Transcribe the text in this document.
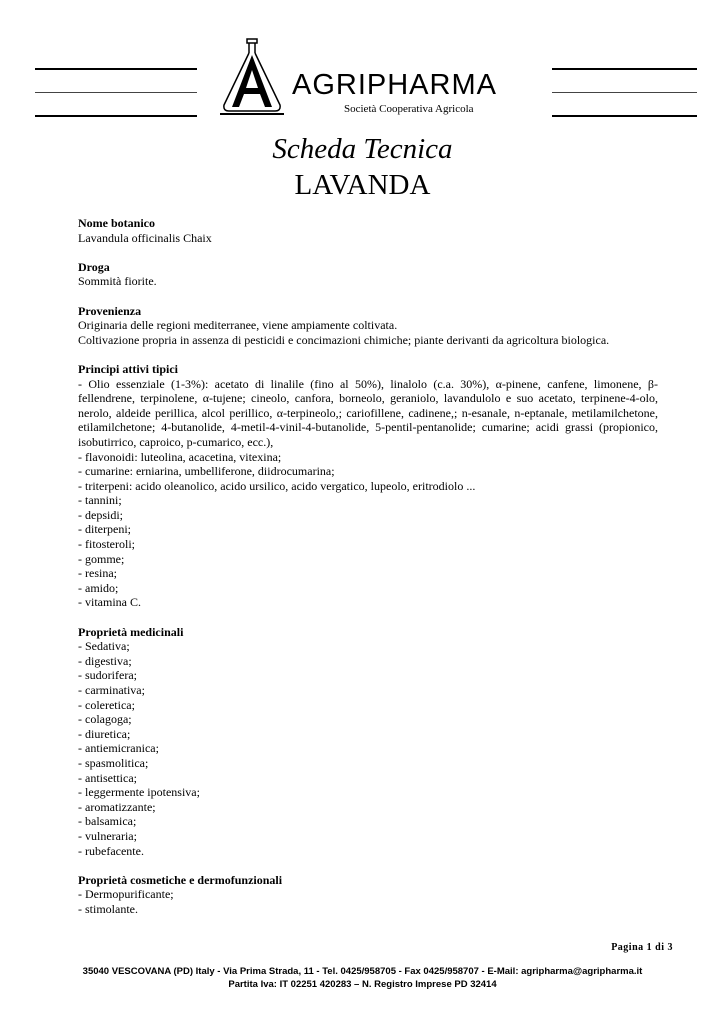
AGRIPHARMA
Società Cooperativa Agricola
Scheda Tecnica
LAVANDA
Nome botanico

Lavandula officinalis Chaix

Droga

Sommità fiorite.

Provenienza

Originaria delle regioni mediterranee, viene ampiamente coltivata.

Coltivazione propria in assenza di pesticidi e concimazioni chimiche; piante derivanti da agricoltura biologica.

Principi attivi tipici

- Olio essenziale (1-3%): acetato di linalile (fino al 50%), linalolo (c.a. 30%), α-pinene, canfene, limonene, β-fellendrene, terpinolene, α-tujene; cineolo, canfora, borneolo, geraniolo, lavandulolo e suo acetato, terpinene-4-olo, nerolo, aldeide perillica, alcol perillico, α-terpineolo,; cariofillene, cadinene,; n-esanale, n-eptanale, metilamilchetone, etilamilchetone; 4-butanolide, 4-metil-4-vinil-4-butanolide, 5-pentil-pentanolide; cumarine; acidi grassi (propionico, isobutirrico, caproico, p-cumarico, ecc.),

- flavonoidi: luteolina, acacetina, vitexina;
- cumarine: erniarina, umbelliferone, diidrocumarina;
- triterpeni: acido oleanolico, acido ursilico, acido vergatico, lupeolo, eritrodiolo ...
- tannini;
- depsidi;
- diterpeni;
- fitosteroli;
- gomme;
- resina;
- amido;
- vitamina C.
Proprietà medicinali
- Sedativa;
- digestiva;
- sudorifera;
- carminativa;
- coleretica;
- colagoga;
- diuretica;
- antiemicranica;
- spasmolitica;
- antisettica;
- leggermente ipotensiva;
- aromatizzante;
- balsamica;
- vulneraria;
- rubefacente.
Proprietà cosmetiche e dermofunzionali
- Dermopurificante;
- stimolante.
Pagina 1 di 3
35040 VESCOVANA (PD) Italy - Via Prima Strada, 11 - Tel. 0425/958705 - Fax 0425/958707 - E-Mail: agripharma@agripharma.it
Partita Iva: IT 02251 420283 – N. Registro Imprese PD 32414
